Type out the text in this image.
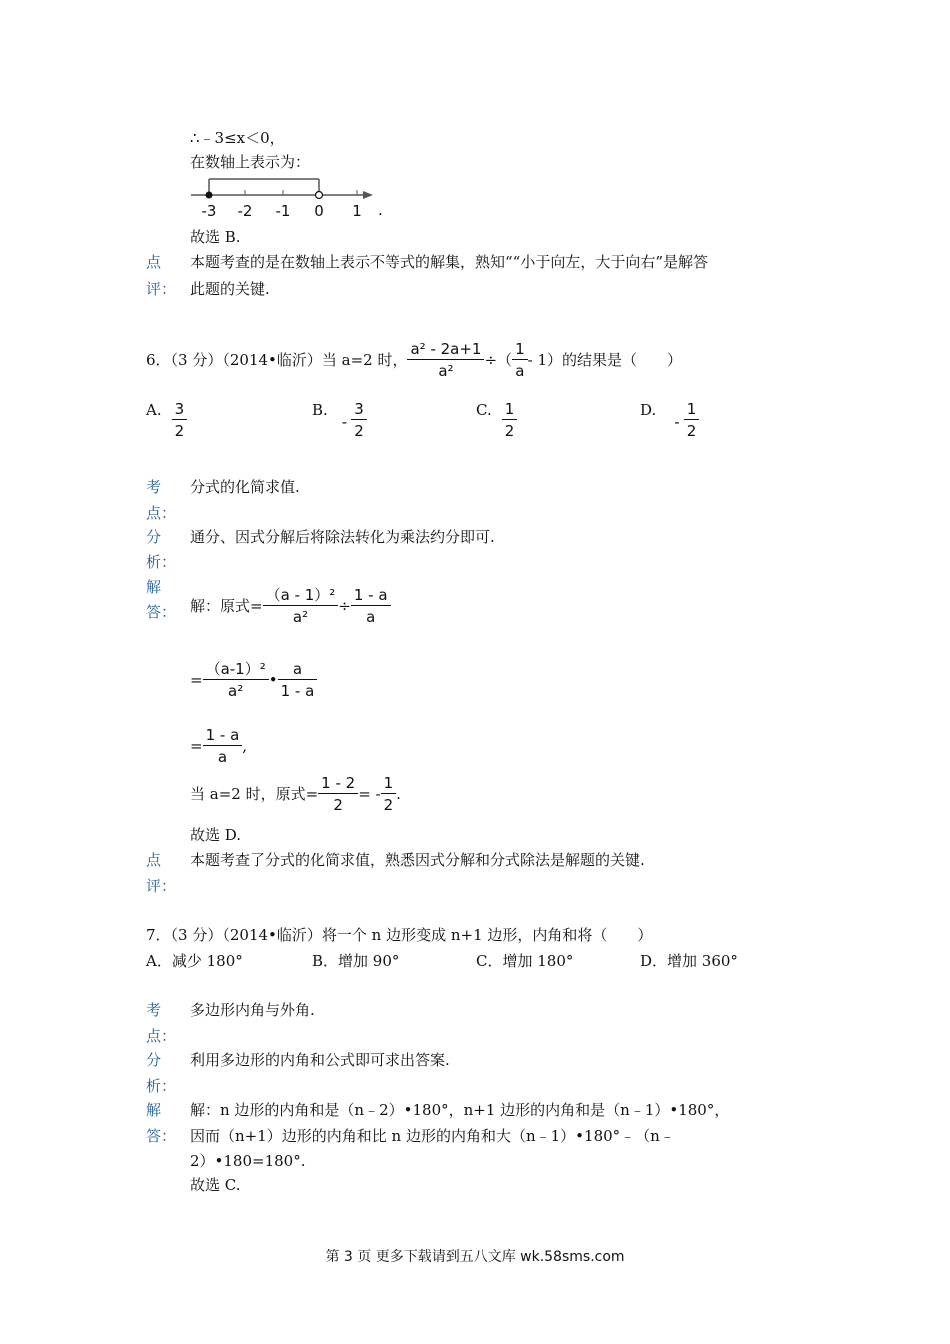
∴﹣3≤x＜0，
在数轴上表示为：
-3 -2 -1 0 1 .
故选 B.
点
评：
本题考查的是在数轴上表示不等式的解集，熟知““小于向左，大于向右”是解答
此题的关键.
6．（3 分）（2014•临沂）当 a=2 时， $\frac{\text{a² - 2a+1}}{\text{a²}}$ ÷（ $\frac{1}{a} - 1$）的结果是（　　）
A. $\frac{3}{2}$	B.
- $\frac{3}{2}$	C. $\frac{1}{2}$	D.
- $\frac{1}{2}$
考
点：
分式的化简求值.
分
析：
通分、因式分解后将除法转化为乘法约分即可.
解
答： 解：原式= $\frac{\text{（a - 1）²}}{\text{a²}} \div \frac{1 - a}{a}$
= $\frac{\text{（a-1）²}}{\text{a²}}$ • $\frac{a}{1 - a}$
= $\frac{1 - a}{a}$ ,
当 a=2 时，原式= $\frac{1 - 2}{2}$ = - $\frac{1}{2}$ .
故选 D.
点
评：
本题考查了分式的化简求值，熟悉因式分解和分式除法是解题的关键.
7．（3 分）（2014•临沂）将一个 n 边形变成 n+1 边形，内角和将（　　）
A．减少 180°	B．增加 90°	C．增加 180°	D．增加 360°
考
点：
多边形内角与外角.
分
析：
利用多边形的内角和公式即可求出答案.
解
答：
解：n 边形的内角和是（n﹣2）•180°，n+1 边形的内角和是（n﹣1）•180°，
因而（n+1）边形的内角和比 n 边形的内角和大（n﹣1）•180°﹣（n﹣
2）•180=180°.
故选 C.
第 3 页 更多下载请到五八文库 wk.58sms.com
